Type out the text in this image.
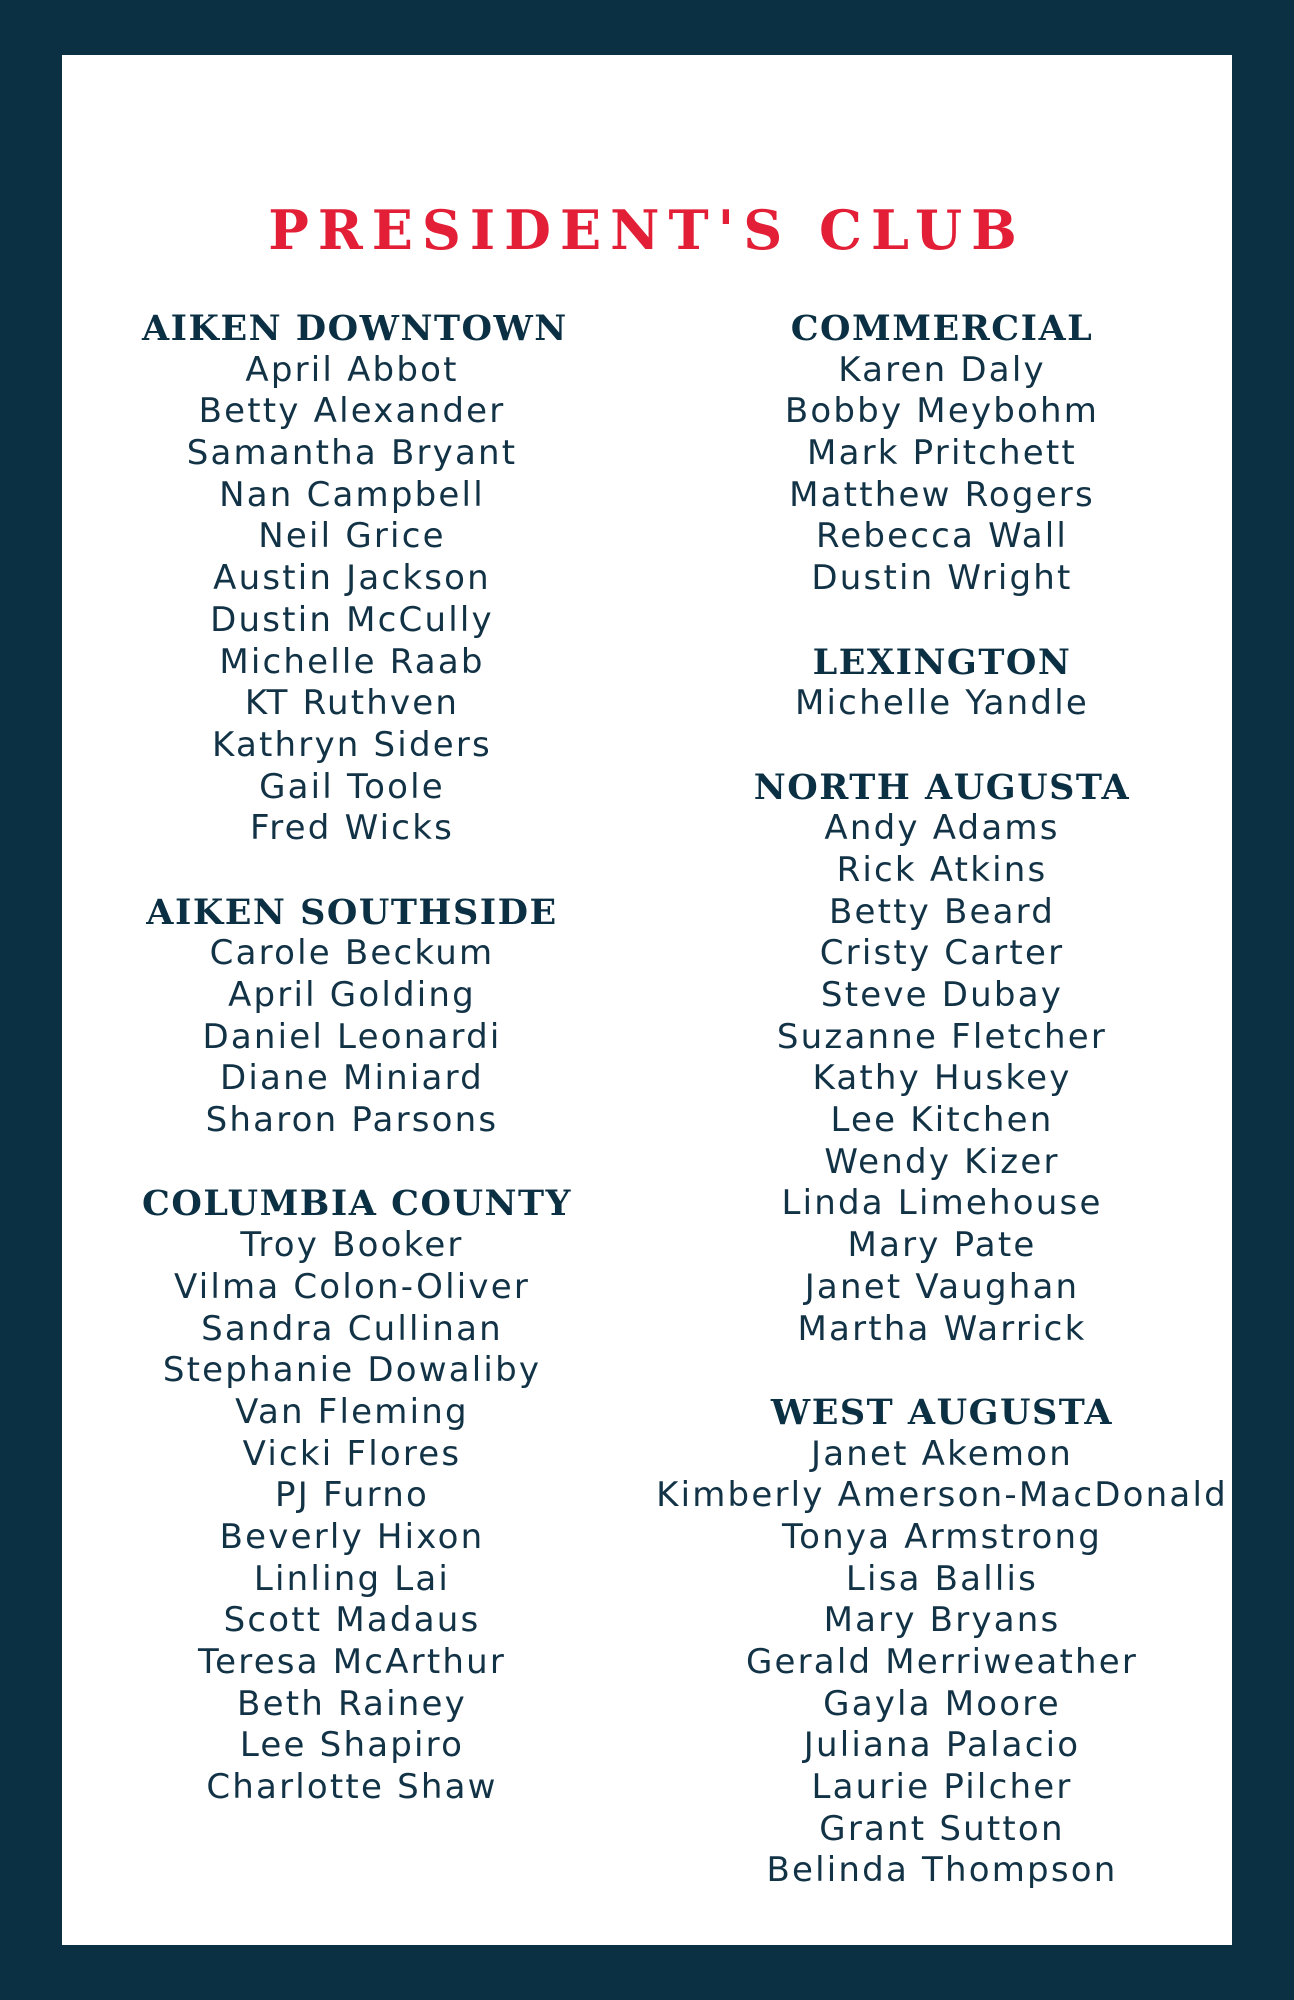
PRESIDENT'S CLUB
AIKEN DOWNTOWN
April Abbot
Betty Alexander
Samantha Bryant
Nan Campbell
Neil Grice
Austin Jackson
Dustin McCully
Michelle Raab
KT Ruthven
Kathryn Siders
Gail Toole
Fred Wicks
AIKEN SOUTHSIDE
Carole Beckum
April Golding
Daniel Leonardi
Diane Miniard
Sharon Parsons
COLUMBIA COUNTY
Troy Booker
Vilma Colon-Oliver
Sandra Cullinan
Stephanie Dowaliby
Van Fleming
Vicki Flores
PJ Furno
Beverly Hixon
Linling Lai
Scott Madaus
Teresa McArthur
Beth Rainey
Lee Shapiro
Charlotte Shaw
COMMERCIAL
Karen Daly
Bobby Meybohm
Mark Pritchett
Matthew Rogers
Rebecca Wall
Dustin Wright
LEXINGTON
Michelle Yandle
NORTH AUGUSTA
Andy Adams
Rick Atkins
Betty Beard
Cristy Carter
Steve Dubay
Suzanne Fletcher
Kathy Huskey
Lee Kitchen
Wendy Kizer
Linda Limehouse
Mary Pate
Janet Vaughan
Martha Warrick
WEST AUGUSTA
Janet Akemon
Kimberly Amerson-MacDonald
Tonya Armstrong
Lisa Ballis
Mary Bryans
Gerald Merriweather
Gayla Moore
Juliana Palacio
Laurie Pilcher
Grant Sutton
Belinda Thompson
